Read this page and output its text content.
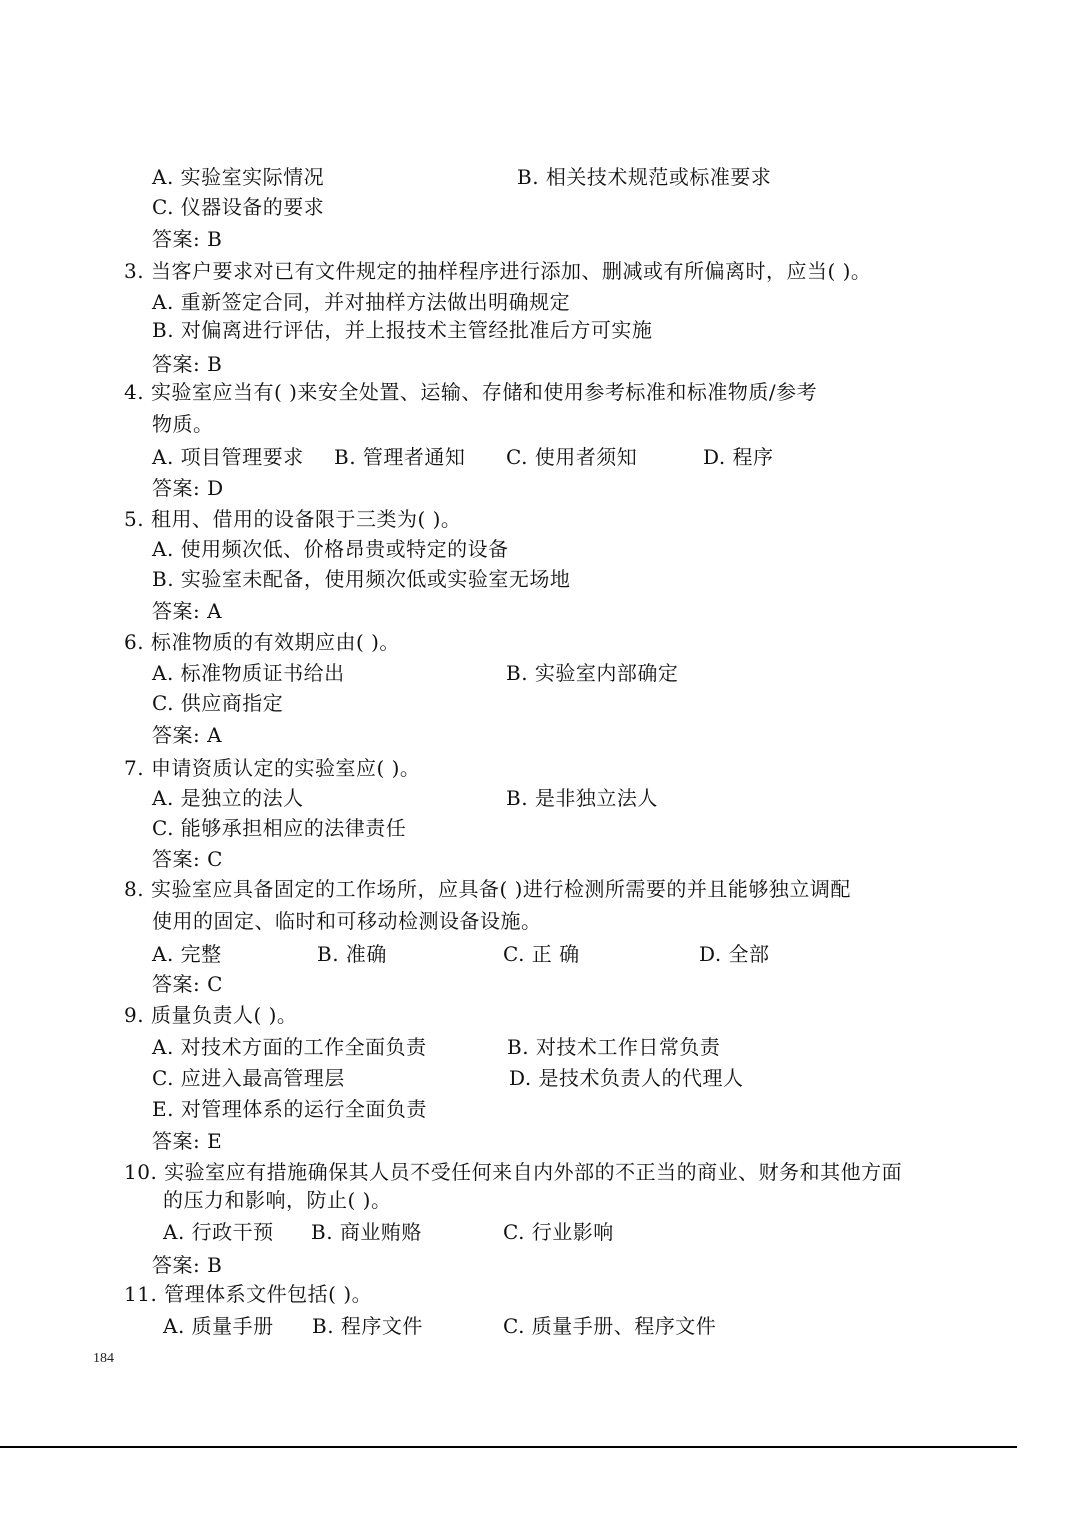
A. 实验室实际情况	B. 相关技术规范或标准要求
C. 仪器设备的要求
答案: B
3. 当客户要求对已有文件规定的抽样程序进行添加、删减或有所偏离时，应当( )。
A. 重新签定合同，并对抽样方法做出明确规定
B. 对偏离进行评估，并上报技术主管经批准后方可实施
答案: B
4. 实验室应当有( )来安全处置、运输、存储和使用参考标准和标准物质/参考
物质。
A. 项目管理要求 B. 管理者通知 C. 使用者须知	D. 程序
答案: D
5. 租用、借用的设备限于三类为( )。
A. 使用频次低、价格昂贵或特定的设备
B. 实验室未配备，使用频次低或实验室无场地
答案: A
6. 标准物质的有效期应由( )。
A. 标准物质证书给出	B. 实验室内部确定
C. 供应商指定
答案: A
7. 申请资质认定的实验室应( )。
A. 是独立的法人	B. 是非独立法人
C. 能够承担相应的法律责任
答案: C
8. 实验室应具备固定的工作场所，应具备( )进行检测所需要的并且能够独立调配
使用的固定、临时和可移动检测设备设施。
A. 完整	B. 准确	C. 正 确	D. 全部
答案: C
9. 质量负责人( )。
A. 对技术方面的工作全面负责	B. 对技术工作日常负责
C. 应进入最高管理层	D. 是技术负责人的代理人
E. 对管理体系的运行全面负责
答案: E
10. 实验室应有措施确保其人员不受任何来自内外部的不正当的商业、财务和其他方面
的压力和影响，防止( )。
A. 行政干预 B. 商业贿赂	C. 行业影响
答案: B
11. 管理体系文件包括( )。
A. 质量手册 B. 程序文件	C. 质量手册、程序文件
184
